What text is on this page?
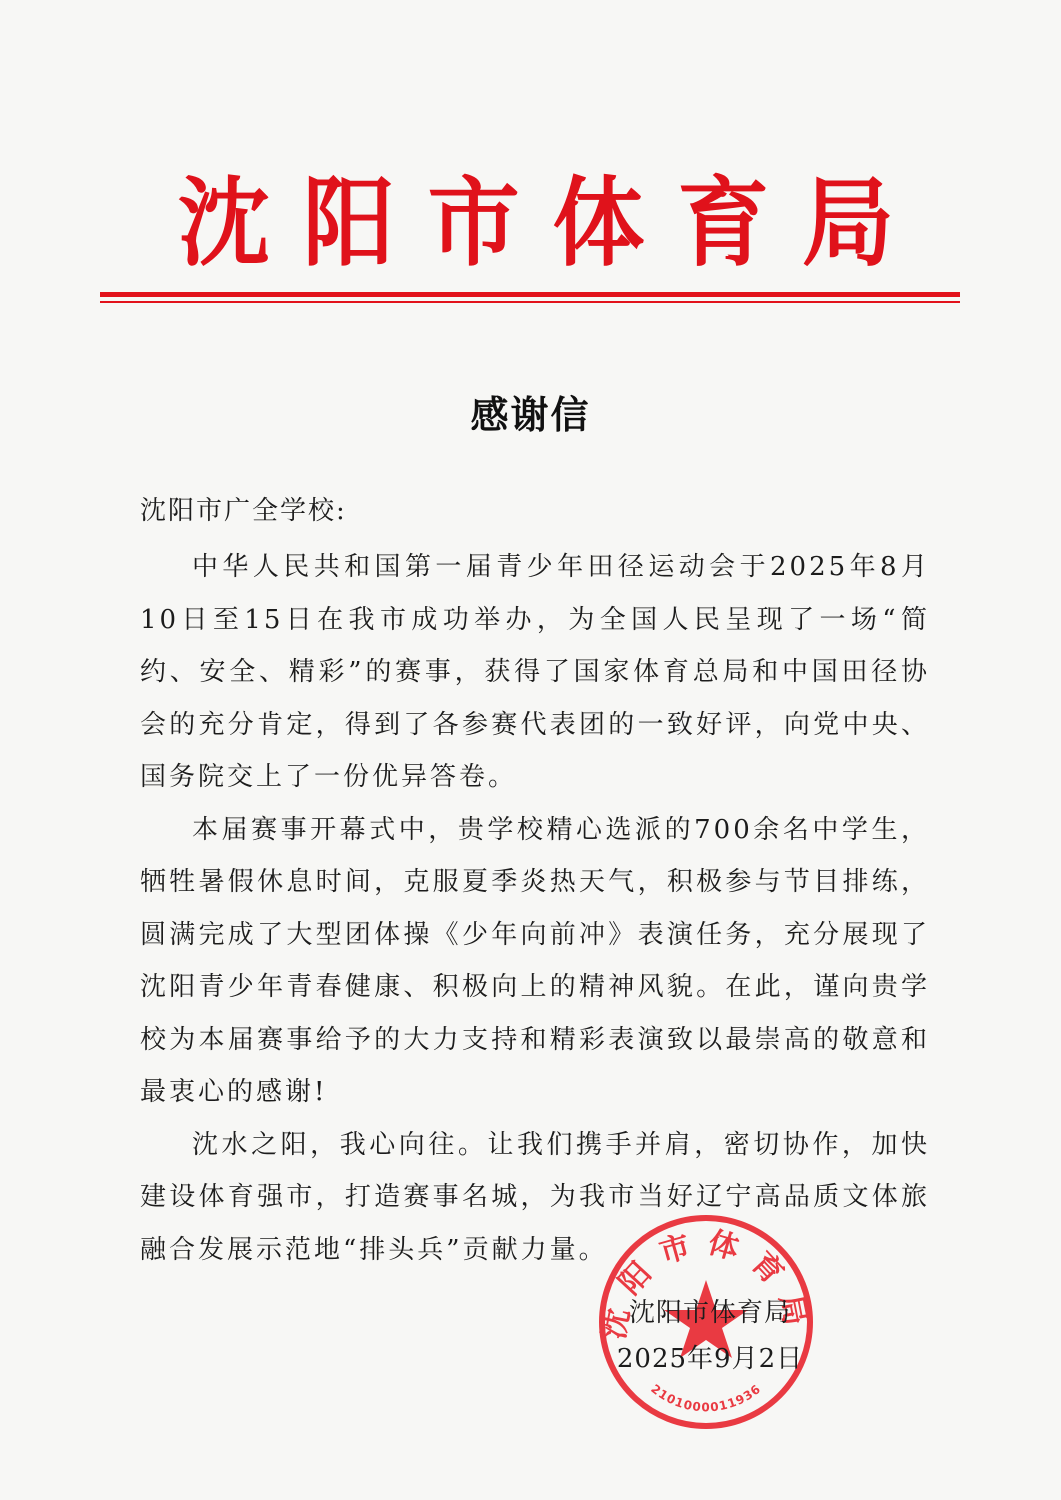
沈 阳 市 体 育 局
感谢信
沈阳市广全学校:

中华人民共和国第一届青少年田径运动会于2025年8月10日至15日在我市成功举办，为全国人民呈现了一场“简约、安全、精彩”的赛事，获得了国家体育总局和中国田径协会的充分肯定，得到了各参赛代表团的一致好评，向党中央、国务院交上了一份优异答卷。

本届赛事开幕式中，贵学校精心选派的700余名中学生，牺牲暑假休息时间，克服夏季炎热天气，积极参与节目排练，圆满完成了大型团体操《少年向前冲》表演任务，充分展现了沈阳青少年青春健康、积极向上的精神风貌。在此，谨向贵学校为本届赛事给予的大力支持和精彩表演致以最崇高的敬意和最衷心的感谢!

沈水之阳，我心向往。让我们携手并肩，密切协作，加快建设体育强市，打造赛事名城，为我市当好辽宁高品质文体旅融合发展示范地“排头兵”贡献力量。

沈阳市体育局
2101000011936
沈阳市体育局
2025年9月2日
